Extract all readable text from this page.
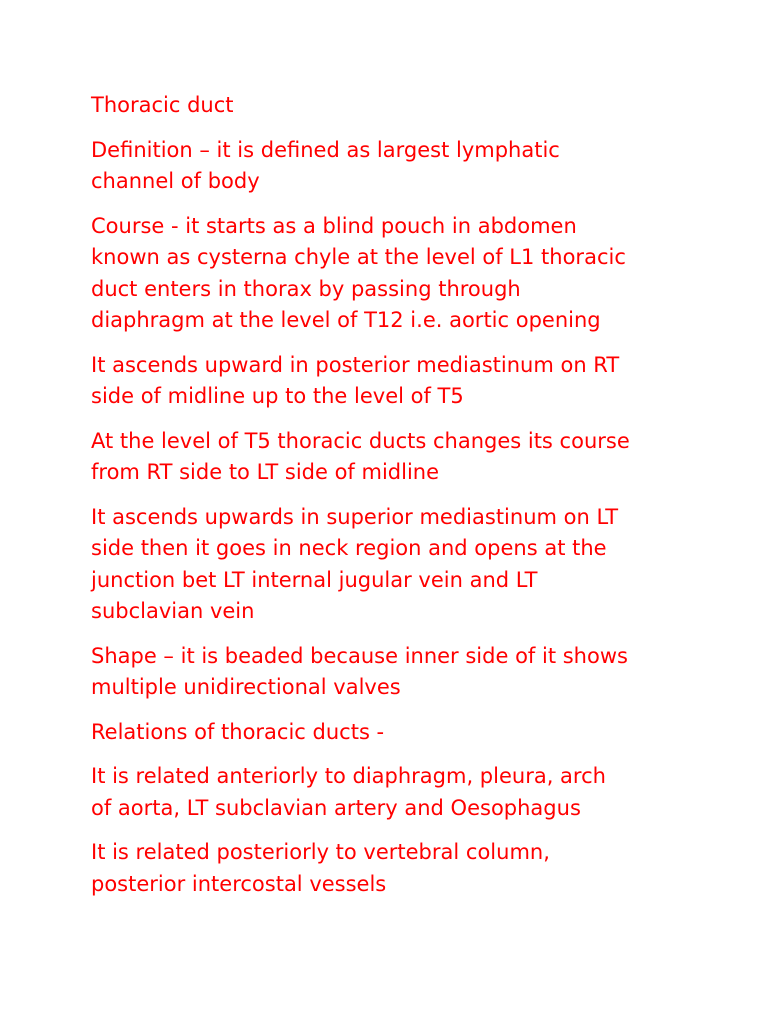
Thoracic duct

Definition – it is defined as largest lymphatic
channel of body

Course - it starts as a blind pouch in abdomen
known as cysterna chyle at the level of L1 thoracic
duct enters in thorax by passing through
diaphragm at the level of T12 i.e. aortic opening

It ascends upward in posterior mediastinum on RT
side of midline up to the level of T5

At the level of T5 thoracic ducts changes its course
from RT side to LT side of midline

It ascends upwards in superior mediastinum on LT
side then it goes in neck region and opens at the
junction bet LT internal jugular vein and LT
subclavian vein

Shape – it is beaded because inner side of it shows
multiple unidirectional valves

Relations of thoracic ducts -

It is related anteriorly to diaphragm, pleura, arch
of aorta, LT subclavian artery and Oesophagus

It is related posteriorly to vertebral column,
posterior intercostal vessels
